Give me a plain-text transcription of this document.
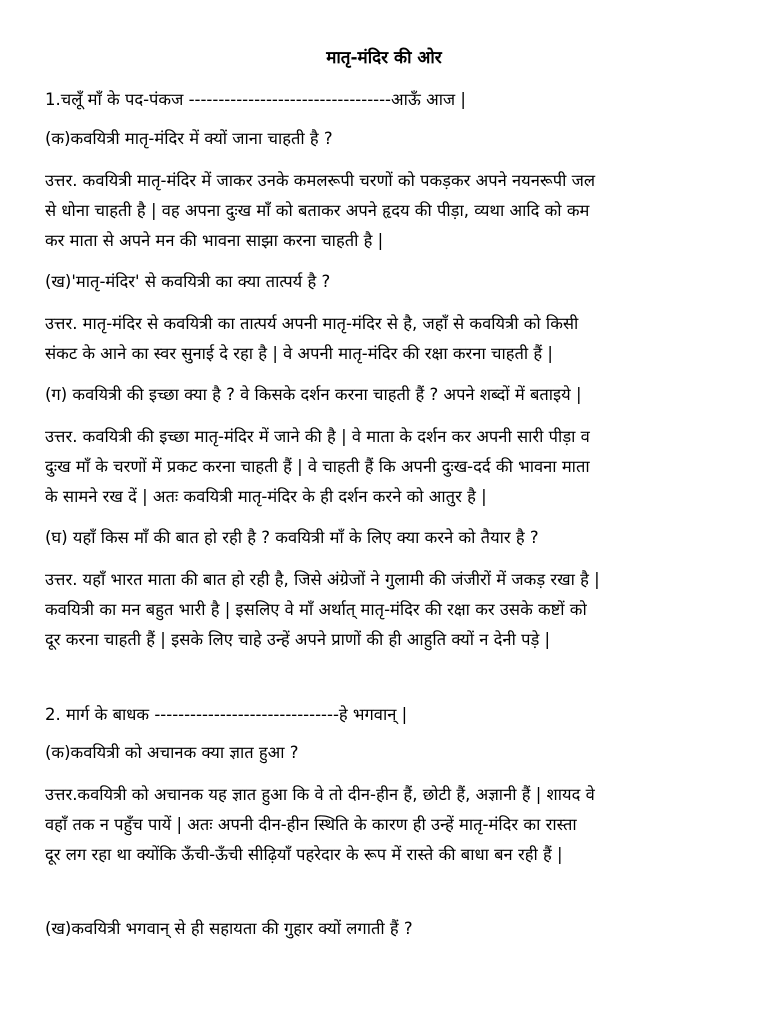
मातृ-मंदिर की ओर
1.चलूँ माँ के पद-पंकज ----------------------------------आऊँ आज |
(क)कवयित्री मातृ-मंदिर में क्यों जाना चाहती है ?
उत्तर. कवयित्री मातृ-मंदिर में जाकर उनके कमलरूपी चरणों को पकड़कर अपने नयनरूपी जल
से धोना चाहती है | वह अपना दुःख माँ को बताकर अपने हृदय की पीड़ा, व्यथा आदि को कम
कर माता से अपने मन की भावना साझा करना चाहती है |
(ख)'मातृ-मंदिर' से कवयित्री का क्या तात्पर्य है ?
उत्तर. मातृ-मंदिर से कवयित्री का तात्पर्य अपनी मातृ-मंदिर से है, जहाँ से कवयित्री को किसी
संकट के आने का स्वर सुनाई दे रहा है | वे अपनी मातृ-मंदिर की रक्षा करना चाहती हैं |
(ग) कवयित्री की इच्छा क्या है ? वे किसके दर्शन करना चाहती हैं ? अपने शब्दों में बताइये |
उत्तर. कवयित्री की इच्छा मातृ-मंदिर में जाने की है | वे माता के दर्शन कर अपनी सारी पीड़ा व
दुःख माँ के चरणों में प्रकट करना चाहती हैं | वे चाहती हैं कि अपनी दुःख-दर्द की भावना माता
के सामने रख दें | अतः कवयित्री मातृ-मंदिर के ही दर्शन करने को आतुर है |
(घ) यहाँ किस माँ की बात हो रही है ? कवयित्री माँ के लिए क्या करने को तैयार है ?
उत्तर. यहाँ भारत माता की बात हो रही है, जिसे अंग्रेजों ने गुलामी की जंजीरों में जकड़ रखा है |
कवयित्री का मन बहुत भारी है | इसलिए वे माँ अर्थात् मातृ-मंदिर की रक्षा कर उसके कष्टों को
दूर करना चाहती हैं | इसके लिए चाहे उन्हें अपने प्राणों की ही आहुति क्यों न देनी पड़े |
2. मार्ग के बाधक -------------------------------हे भगवान् |
(क)कवयित्री को अचानक क्या ज्ञात हुआ ?
उत्तर.कवयित्री को अचानक यह ज्ञात हुआ कि वे तो दीन-हीन हैं, छोटी हैं, अज्ञानी हैं | शायद वे
वहाँ तक न पहुँच पायें | अतः अपनी दीन-हीन स्थिति के कारण ही उन्हें मातृ-मंदिर का रास्ता
दूर लग रहा था क्योंकि ऊँची-ऊँची सीढ़ियाँ पहरेदार के रूप में रास्ते की बाधा बन रही हैं |
(ख)कवयित्री भगवान् से ही सहायता की गुहार क्यों लगाती हैं ?
